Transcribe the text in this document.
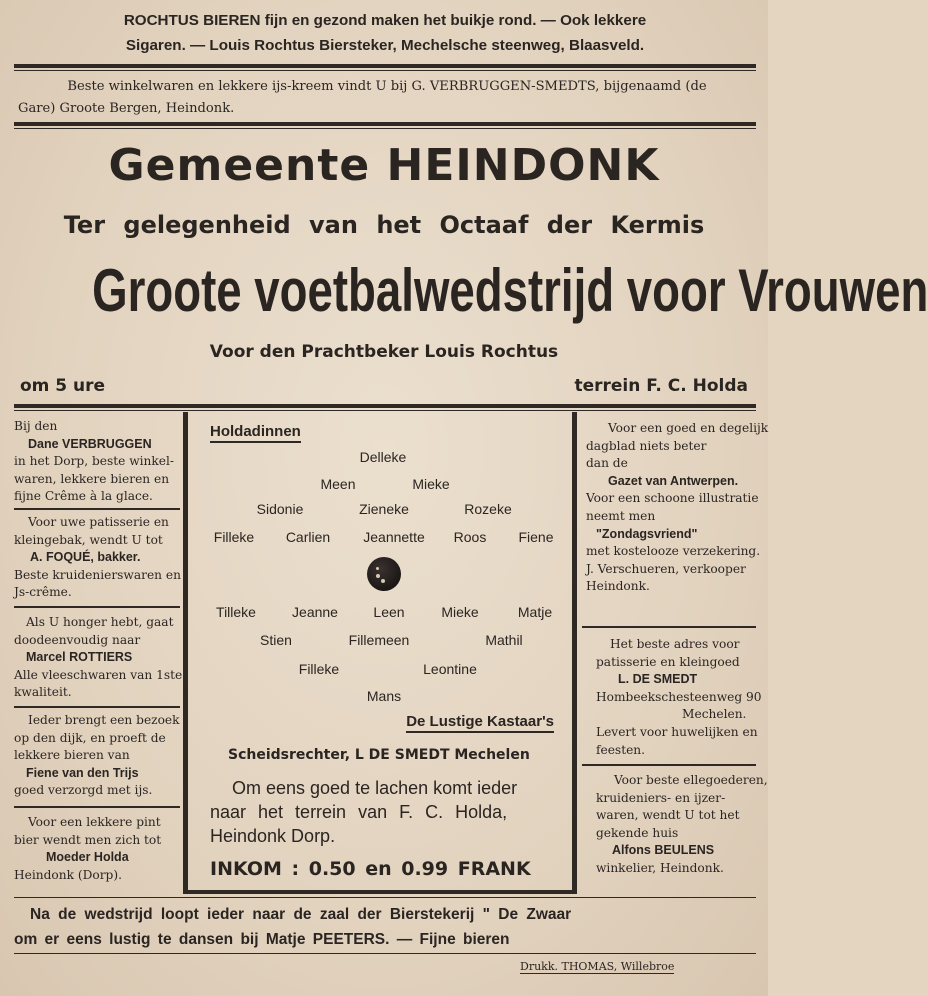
ROCHTUS BIEREN fijn en gezond maken het buikje rond. — Ook lekkere
Sigaren. — Louis Rochtus Biersteker, Mechelsche steenweg, Blaasveld.
Beste winkelwaren en lekkere ijs-kreem vindt U bij G. VERBRUGGEN-SMEDTS, bijgenaamd (de
Gare) Groote Bergen, Heindonk.
Gemeente HEINDONK
Ter gelegenheid van het Octaaf der Kermis
Groote voetbalwedstrijd voor Vrouwen
Voor den Prachtbeker Louis Rochtus
om 5 ure	terrein F. C. Holda
Bij den
Dane VERBRUGGEN
in het Dorp, beste winkel-
waren, lekkere bieren en
fijne Crême à la glace.
Voor uwe patisserie en
kleingebak, wendt U tot
A. FOQUÉ, bakker.
Beste kruidenierswaren en
Js-crême.
Als U honger hebt, gaat
doodeenvoudig naar
Marcel ROTTIERS
Alle vleeschwaren van 1ste
kwaliteit.
Ieder brengt een bezoek
op den dijk, en proeft de
lekkere bieren van
Fiene van den Trijs
goed verzorgd met ijs.
Voor een lekkere pint
bier wendt men zich tot
Moeder Holda
Heindonk (Dorp).
Voor een goed en degelijk
dagblad niets beter
dan de
Gazet van Antwerpen.
Voor een schoone illustratie
neemt men
"Zondagsvriend"
met kostelooze verzekering.
J. Verschueren, verkooper
Heindonk.
Het beste adres voor
patisserie en kleingoed
L. DE SMEDT
Hombeekschesteenweg 90
Mechelen.
Levert voor huwelijken en
feesten.
Voor beste ellegoederen,
kruideniers- en ijzer-
waren, wendt U tot het
gekende huis
Alfons BEULENS
winkelier, Heindonk.
Holdadinnen
Delleke
Meen	Mieke
Sidonie	Zieneke	Rozeke
Filleke Carlien Jeannette Roos Fiene
Tilleke	Jeanne	Leen	Mieke	Matje
Stien	Fillemeen	Mathil
Filleke	Leontine
Mans
De Lustige Kastaar's
Scheidsrechter, L DE SMEDT Mechelen
Om eens goed te lachen komt ieder
naar het terrein van F. C. Holda,
Heindonk Dorp.
INKOM : 0.50 en 0.99 FRANK
Na de wedstrijd loopt ieder naar de zaal der Bierstekerij " De Zwaar
om er eens lustig te dansen bij Matje PEETERS. — Fijne bieren
Drukk. THOMAS, Willebroe
